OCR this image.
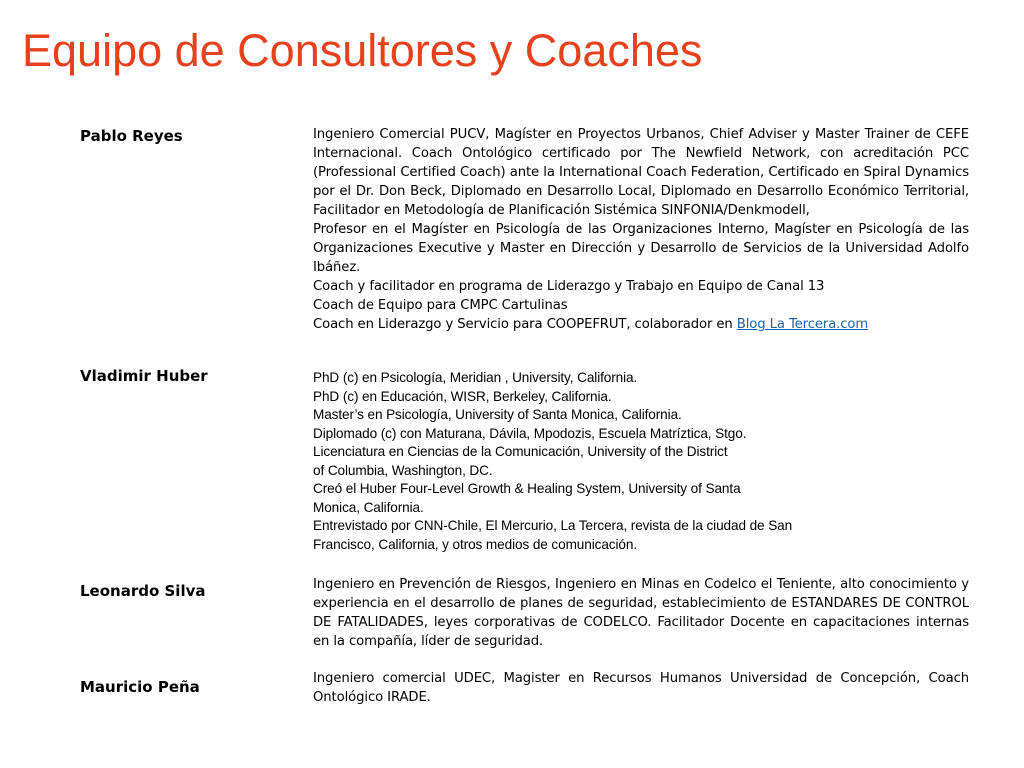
Equipo de Consultores y Coaches
Pablo Reyes	Ingeniero Comercial PUCV, Magíster en Proyectos Urbanos, Chief Adviser y Master Trainer de CEFE Internacional. Coach Ontológico certificado por The Newfield Network, con acreditación PCC (Professional Certified Coach) ante la International Coach Federation, Certificado en Spiral Dynamics por el Dr. Don Beck, Diplomado en Desarrollo Local, Diplomado en Desarrollo Económico Territorial, Facilitador en Metodología de Planificación Sistémica SINFONIA/Denkmodell,

Profesor en el Magíster en Psicología de las Organizaciones Interno, Magíster en Psicología de las Organizaciones Executive y Master en Dirección y Desarrollo de Servicios de la Universidad Adolfo Ibáñez.

Coach y facilitador en programa de Liderazgo y Trabajo en Equipo de Canal 13

Coach de Equipo para CMPC Cartulinas

Coach en Liderazgo y Servicio para COOPEFRUT, colaborador en Blog La Tercera.com

Vladimir Huber	PhD (c) en Psicología, Meridian , University, California.
PhD (c) en Educación, WISR, Berkeley, California.
Master’s en Psicología, University of Santa Monica, California.
Diplomado (c) con Maturana, Dávila, Mpodozis, Escuela Matríztica, Stgo.
Licenciatura en Ciencias de la Comunicación, University of the District
of Columbia, Washington, DC.
Creó el Huber Four-Level Growth & Healing System, University of Santa
Monica, California.
Entrevistado por CNN-Chile, El Mercurio, La Tercera, revista de la ciudad de San
Francisco, California, y otros medios de comunicación.
Leonardo Silva	Ingeniero en Prevención de Riesgos, Ingeniero en Minas en Codelco el Teniente, alto conocimiento y experiencia en el desarrollo de planes de seguridad, establecimiento de ESTANDARES DE CONTROL DE FATALIDADES, leyes corporativas de CODELCO. Facilitador Docente en capacitaciones internas en la compañía, líder de seguridad.

Mauricio Peña	Ingeniero comercial UDEC, Magister en Recursos Humanos Universidad de Concepción, Coach Ontológico IRADE.
